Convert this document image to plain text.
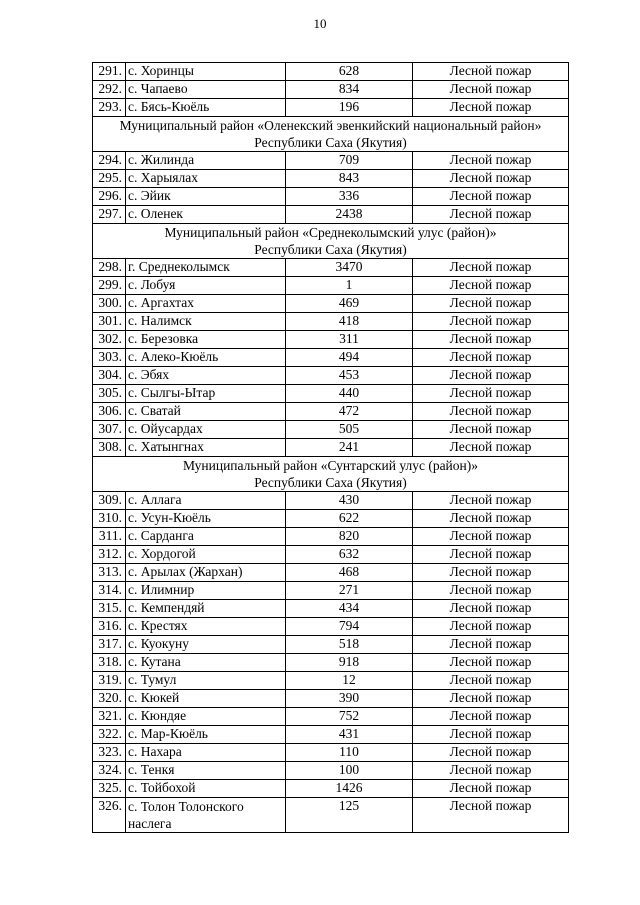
10
291.	с. Хоринцы	628	Лесной пожар
292.	с. Чапаево	834	Лесной пожар
293.	с. Бясь-Кюёль	196	Лесной пожар

Муниципальный район «Оленекский эвенкийский национальный район»
Республики Саха (Якутия)			

294.	с. Жилинда	709	Лесной пожар
295.	с. Харыялах	843	Лесной пожар
296.	с. Эйик	336	Лесной пожар
297.	с. Оленек	2438	Лесной пожар

Муниципальный район «Среднеколымский улус (район)»
Республики Саха (Якутия)			

298.	г. Среднеколымск	3470	Лесной пожар
299.	с. Лобуя	1	Лесной пожар
300.	с. Аргахтах	469	Лесной пожар
301.	с. Налимск	418	Лесной пожар
302.	с. Березовка	311	Лесной пожар
303.	с. Алеко-Кюёль	494	Лесной пожар
304.	с. Эбях	453	Лесной пожар
305.	с. Сылгы-Ытар	440	Лесной пожар
306.	с. Сватай	472	Лесной пожар
307.	с. Ойусардах	505	Лесной пожар
308.	с. Хатынгнах	241	Лесной пожар

Муниципальный район «Сунтарский улус (район)»
Республики Саха (Якутия)			

309.	с. Аллага	430	Лесной пожар
310.	с. Усун-Кюёль	622	Лесной пожар
311.	с. Сарданга	820	Лесной пожар
312.	с. Хордогой	632	Лесной пожар
313.	с. Арылах (Жархан)	468	Лесной пожар
314.	с. Илимнир	271	Лесной пожар
315.	с. Кемпендяй	434	Лесной пожар
316.	с. Крестях	794	Лесной пожар
317.	с. Куокуну	518	Лесной пожар
318.	с. Кутана	918	Лесной пожар
319.	с. Тумул	12	Лесной пожар
320.	с. Кюкей	390	Лесной пожар
321.	с. Кюндяе	752	Лесной пожар
322.	с. Мар-Кюёль	431	Лесной пожар
323.	с. Нахара	110	Лесной пожар
324.	с. Тенкя	100	Лесной пожар
325.	с. Тойбохой	1426	Лесной пожар
326.	с. Толон Толонского наслега	125	Лесной пожар
